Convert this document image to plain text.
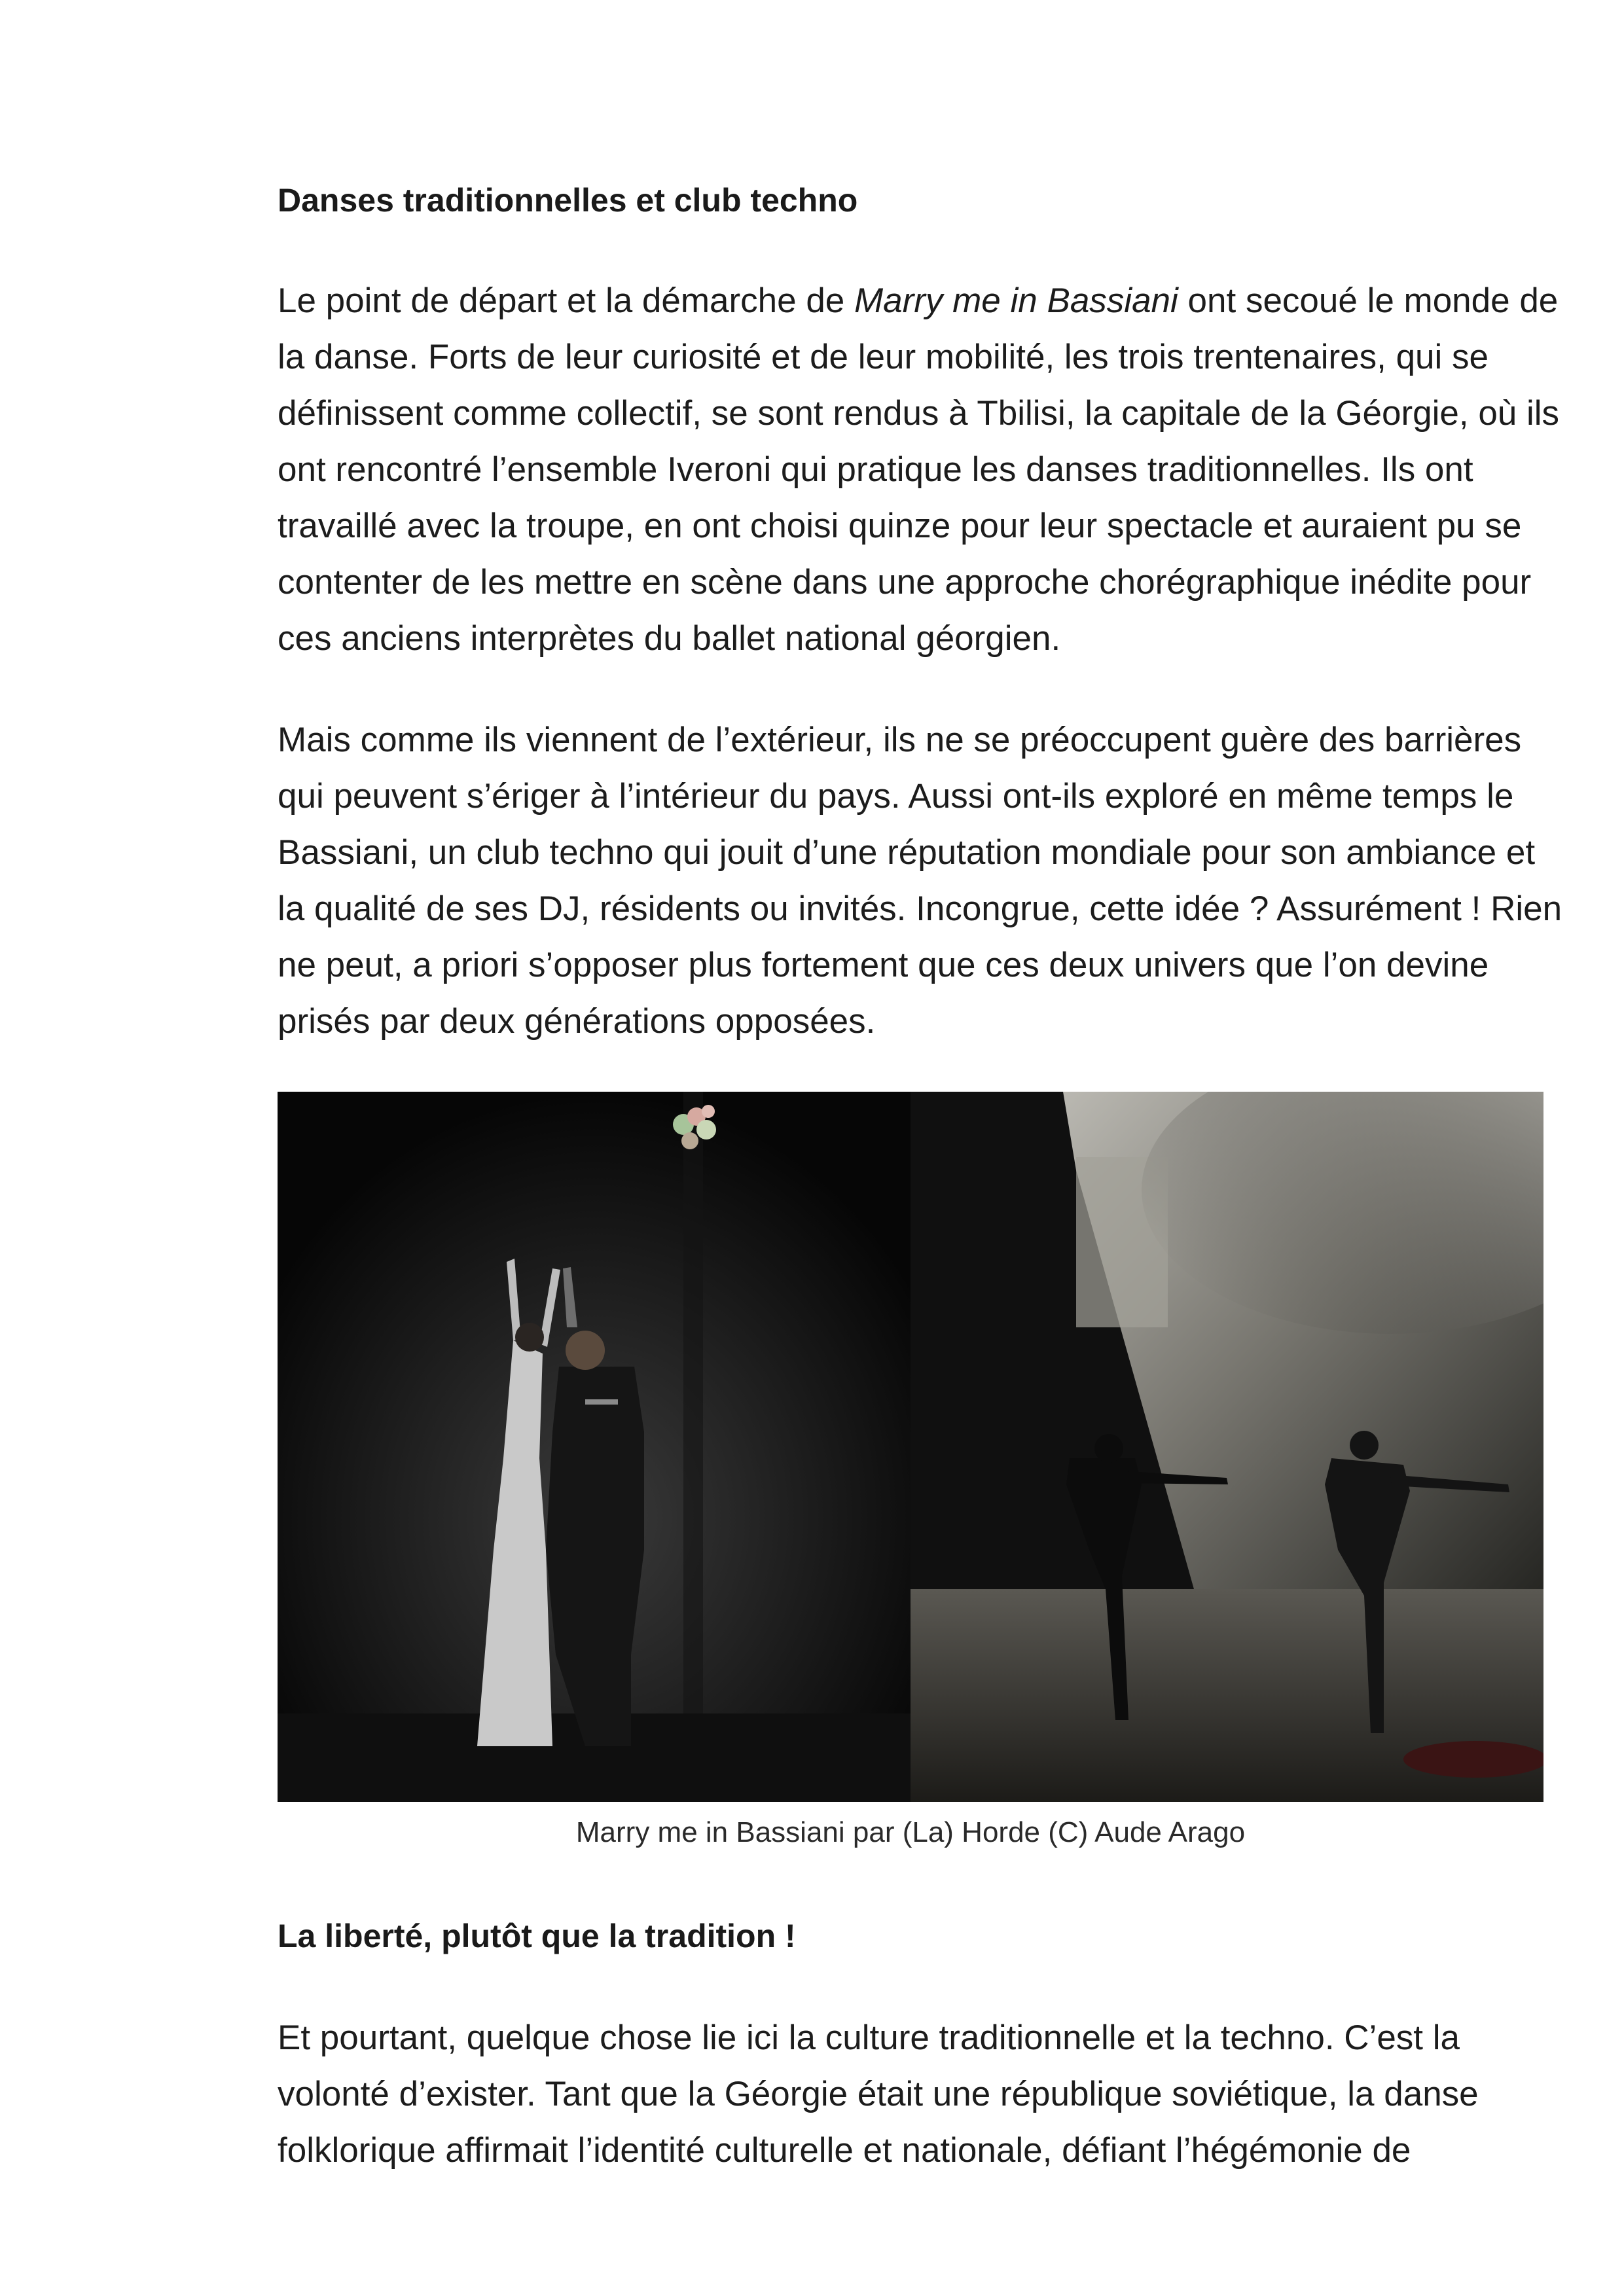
Danses traditionnelles et club techno

Le point de départ et la démarche de Marry me in Bassiani ont secoué le monde de
la danse. Forts de leur curiosité et de leur mobilité, les trois trentenaires, qui se
définissent comme collectif, se sont rendus à Tbilisi, la capitale de la Géorgie, où ils
ont rencontré l’ensemble Iveroni qui pratique les danses traditionnelles. Ils ont
travaillé avec la troupe, en ont choisi quinze pour leur spectacle et auraient pu se
contenter de les mettre en scène dans une approche chorégraphique inédite pour
ces anciens interprètes du ballet national géorgien.

Mais comme ils viennent de l’extérieur, ils ne se préoccupent guère des barrières
qui peuvent s’ériger à l’intérieur du pays. Aussi ont-ils exploré en même temps le
Bassiani, un club techno qui jouit d’une réputation mondiale pour son ambiance et
la qualité de ses DJ, résidents ou invités. Incongrue, cette idée ? Assurément ! Rien
ne peut, a priori s’opposer plus fortement que ces deux univers que l’on devine
prisés par deux générations opposées.

Marry me in Bassiani par (La) Horde (C) Aude Arago
La liberté, plutôt que la tradition !

Et pourtant, quelque chose lie ici la culture traditionnelle et la techno. C’est la
volonté d’exister. Tant que la Géorgie était une république soviétique, la danse
folklorique affirmait l’identité culturelle et nationale, défiant l’hégémonie de
